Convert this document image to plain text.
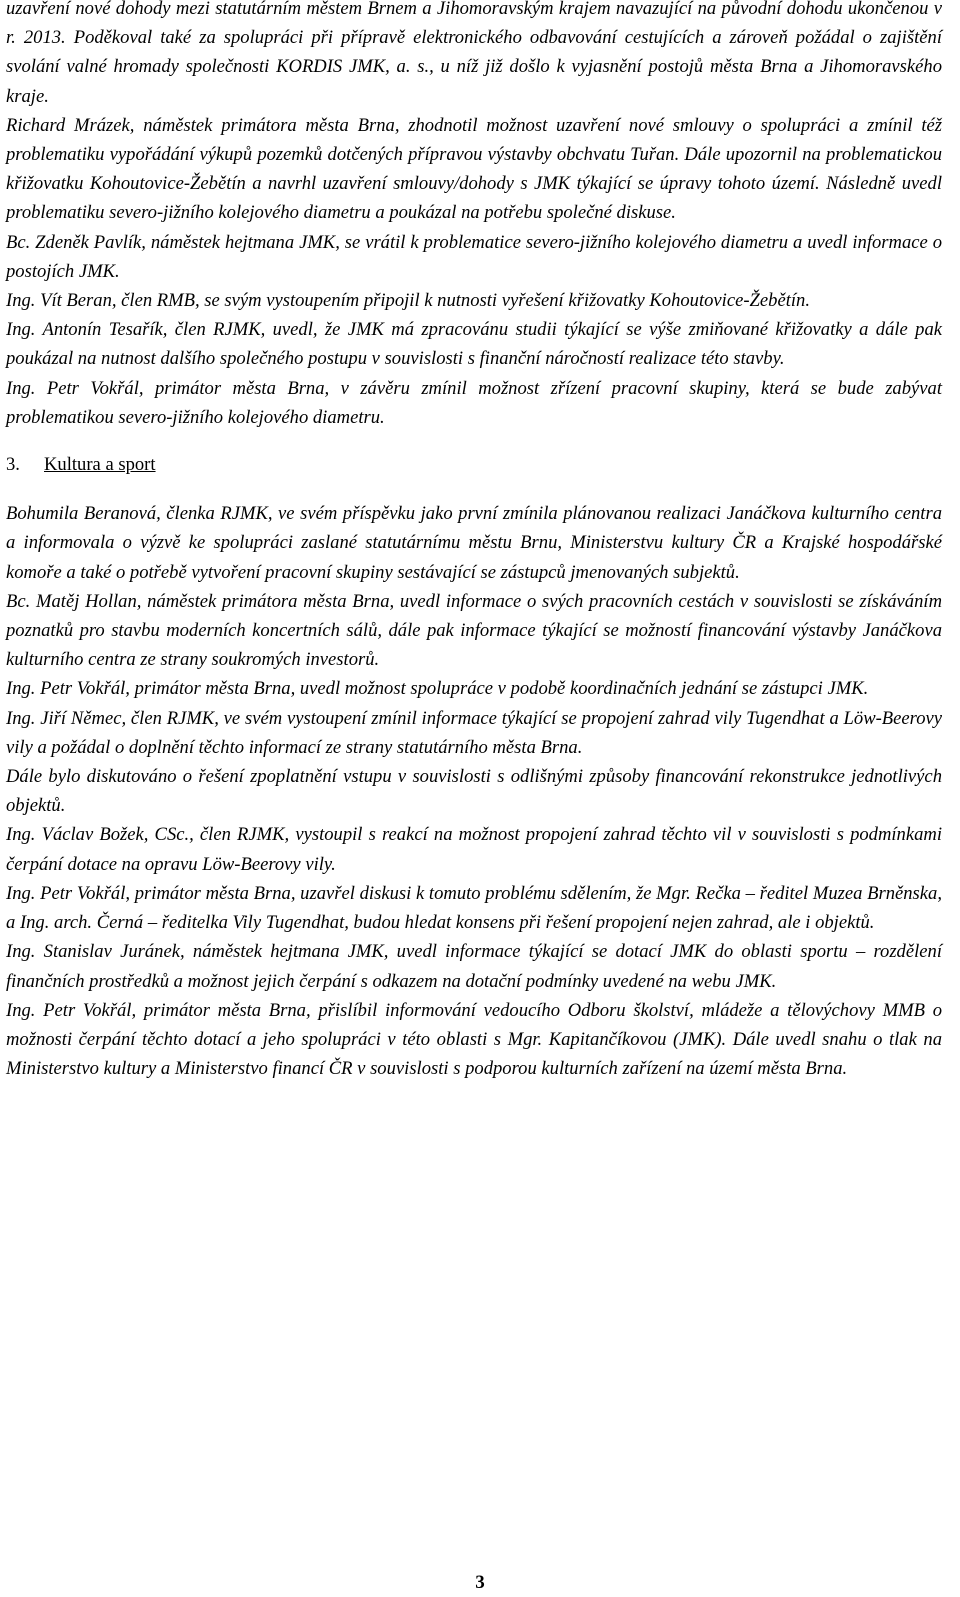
uzavření nové dohody mezi statutárním městem Brnem a Jihomoravským krajem navazující na původní dohodu ukončenou v r. 2013. Poděkoval také za spolupráci při přípravě elektronického odbavování cestujících a zároveň požádal o zajištění svolání valné hromady společnosti KORDIS JMK, a. s., u níž již došlo k vyjasnění postojů města Brna a Jihomoravského kraje.

Richard Mrázek, náměstek primátora města Brna, zhodnotil možnost uzavření nové smlouvy o spolupráci a zmínil též problematiku vypořádání výkupů pozemků dotčených přípravou výstavby obchvatu Tuřan. Dále upozornil na problematickou křižovatku Kohoutovice-Žebětín a navrhl uzavření smlouvy/dohody s JMK týkající se úpravy tohoto území. Následně uvedl problematiku severo-jižního kolejového diametru a poukázal na potřebu společné diskuse.

Bc. Zdeněk Pavlík, náměstek hejtmana JMK, se vrátil k problematice severo-jižního kolejového diametru a uvedl informace o postojích JMK.

Ing. Vít Beran, člen RMB, se svým vystoupením připojil k nutnosti vyřešení křižovatky Kohoutovice-Žebětín.

Ing. Antonín Tesařík, člen RJMK, uvedl, že JMK má zpracovánu studii týkající se výše zmiňované křižovatky a dále pak poukázal na nutnost dalšího společného postupu v souvislosti s finanční náročností realizace této stavby.

Ing. Petr Vokřál, primátor města Brna, v závěru zmínil možnost zřízení pracovní skupiny, která se bude zabývat problematikou severo-jižního kolejového diametru.

3. Kultura a sport

Bohumila Beranová, členka RJMK, ve svém příspěvku jako první zmínila plánovanou realizaci Janáčkova kulturního centra a informovala o výzvě ke spolupráci zaslané statutárnímu městu Brnu, Ministerstvu kultury ČR a Krajské hospodářské komoře a také o potřebě vytvoření pracovní skupiny sestávající se zástupců jmenovaných subjektů.

Bc. Matěj Hollan, náměstek primátora města Brna, uvedl informace o svých pracovních cestách v souvislosti se získáváním poznatků pro stavbu moderních koncertních sálů, dále pak informace týkající se možností financování výstavby Janáčkova kulturního centra ze strany soukromých investorů.

Ing. Petr Vokřál, primátor města Brna, uvedl možnost spolupráce v podobě koordinačních jednání se zástupci JMK.

Ing. Jiří Němec, člen RJMK, ve svém vystoupení zmínil informace týkající se propojení zahrad vily Tugendhat a Löw-Beerovy vily a požádal o doplnění těchto informací ze strany statutárního města Brna.

Dále bylo diskutováno o řešení zpoplatnění vstupu v souvislosti s odlišnými způsoby financování rekonstrukce jednotlivých objektů.

Ing. Václav Božek, CSc., člen RJMK, vystoupil s reakcí na možnost propojení zahrad těchto vil v souvislosti s podmínkami čerpání dotace na opravu Löw-Beerovy vily.

Ing. Petr Vokřál, primátor města Brna, uzavřel diskusi k tomuto problému sdělením, že Mgr. Rečka – ředitel Muzea Brněnska, a Ing. arch. Černá – ředitelka Vily Tugendhat, budou hledat konsens při řešení propojení nejen zahrad, ale i objektů.

Ing. Stanislav Juránek, náměstek hejtmana JMK, uvedl informace týkající se dotací JMK do oblasti sportu – rozdělení finančních prostředků a možnost jejich čerpání s odkazem na dotační podmínky uvedené na webu JMK.

Ing. Petr Vokřál, primátor města Brna, přislíbil informování vedoucího Odboru školství, mládeže a tělovýchovy MMB o možnosti čerpání těchto dotací a jeho spolupráci v této oblasti s Mgr. Kapitančíkovou (JMK). Dále uvedl snahu o tlak na Ministerstvo kultury a Ministerstvo financí ČR v souvislosti s podporou kulturních zařízení na území města Brna.

3
